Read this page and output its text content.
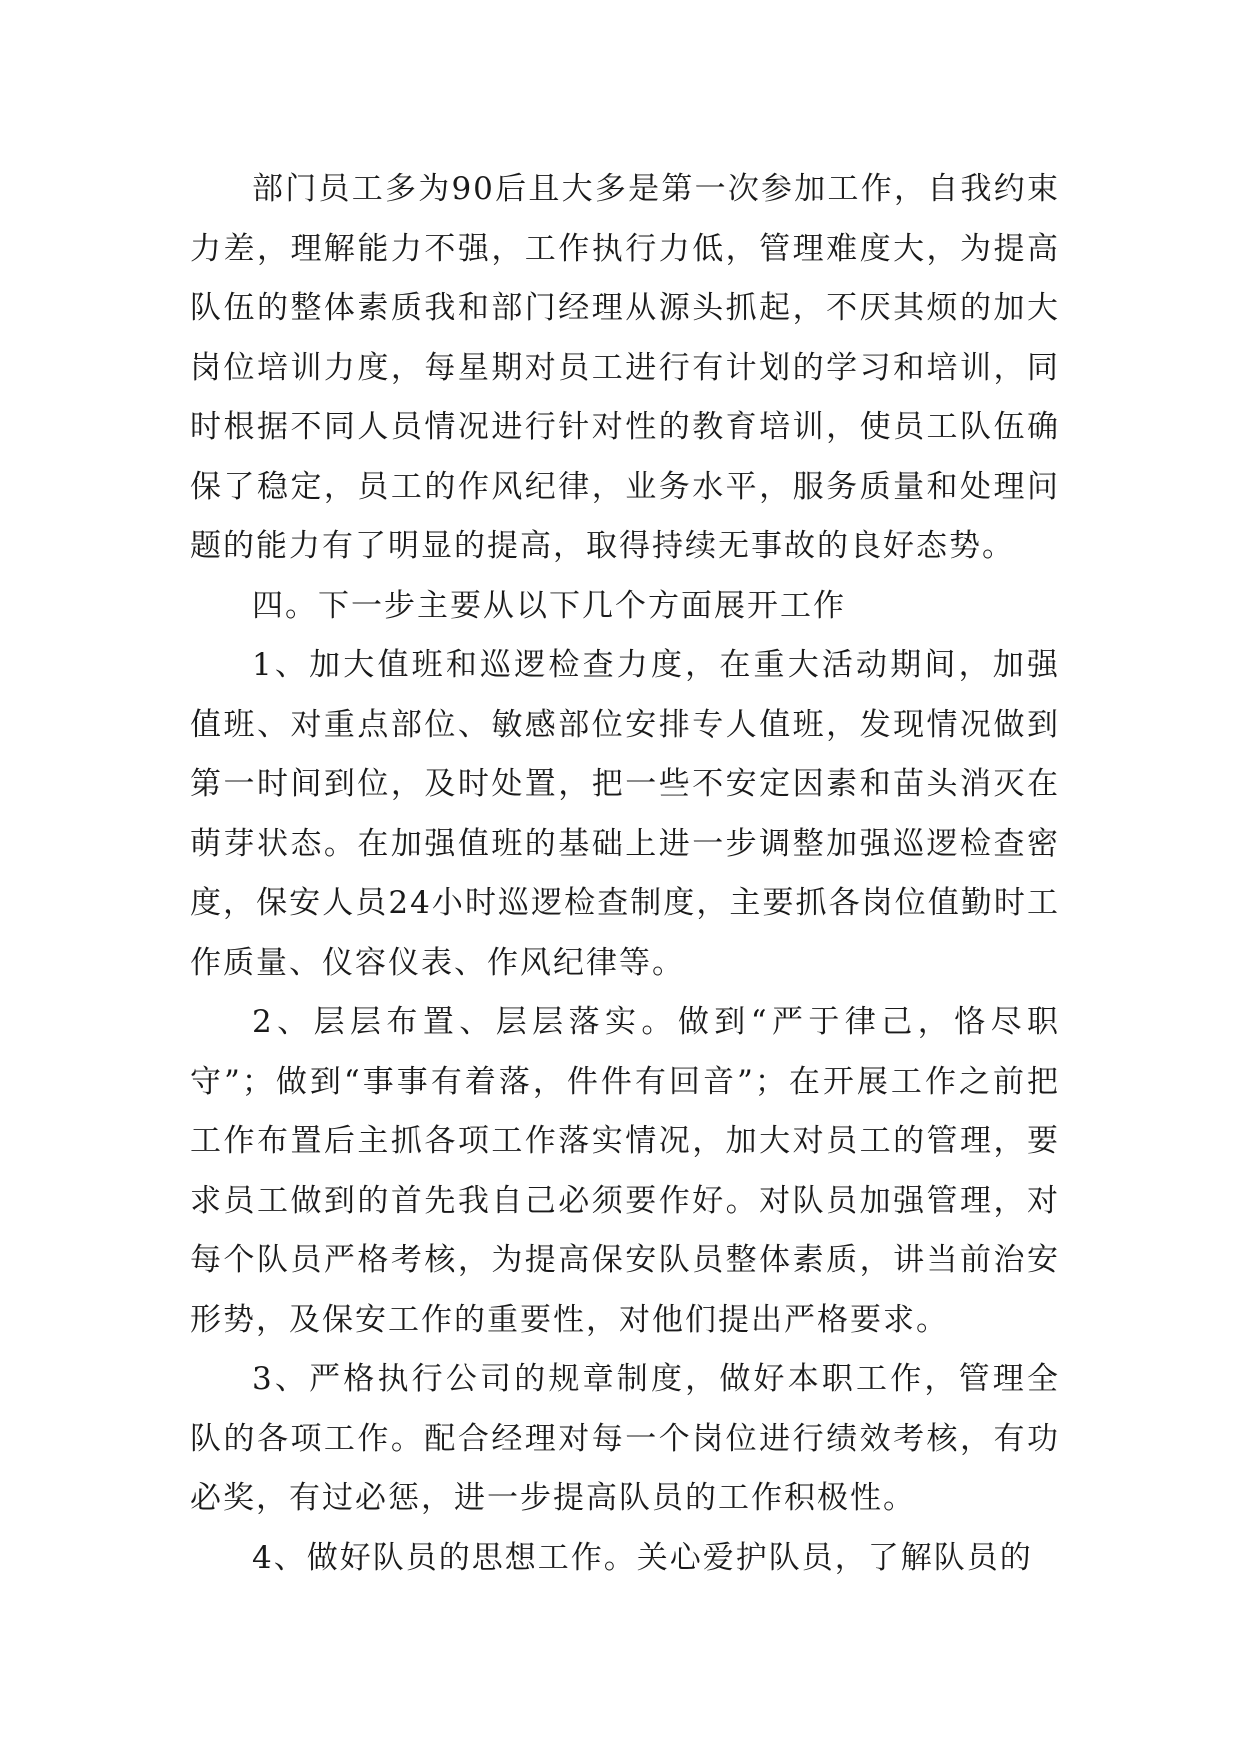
部门员工多为90后且大多是第一次参加工作，自我约束力差，理解能力不强，工作执行力低，管理难度大，为提高队伍的整体素质我和部门经理从源头抓起，不厌其烦的加大岗位培训力度，每星期对员工进行有计划的学习和培训，同时根据不同人员情况进行针对性的教育培训，使员工队伍确保了稳定，员工的作风纪律，业务水平，服务质量和处理问题的能力有了明显的提高，取得持续无事故的良好态势。

四。下一步主要从以下几个方面展开工作

1、加大值班和巡逻检查力度，在重大活动期间，加强值班、对重点部位、敏感部位安排专人值班，发现情况做到第一时间到位，及时处置，把一些不安定因素和苗头消灭在萌芽状态。在加强值班的基础上进一步调整加强巡逻检查密度，保安人员24小时巡逻检查制度，主要抓各岗位值勤时工作质量、仪容仪表、作风纪律等。

2、层层布置、层层落实。做到“严于律己，恪尽职守”；做到“事事有着落，件件有回音”；在开展工作之前把工作布置后主抓各项工作落实情况，加大对员工的管理，要求员工做到的首先我自己必须要作好。对队员加强管理，对每个队员严格考核，为提高保安队员整体素质，讲当前治安形势，及保安工作的重要性，对他们提出严格要求。

3、严格执行公司的规章制度，做好本职工作，管理全队的各项工作。配合经理对每一个岗位进行绩效考核，有功必奖，有过必惩，进一步提高队员的工作积极性。

4、做好队员的思想工作。关心爱护队员，了解队员的
